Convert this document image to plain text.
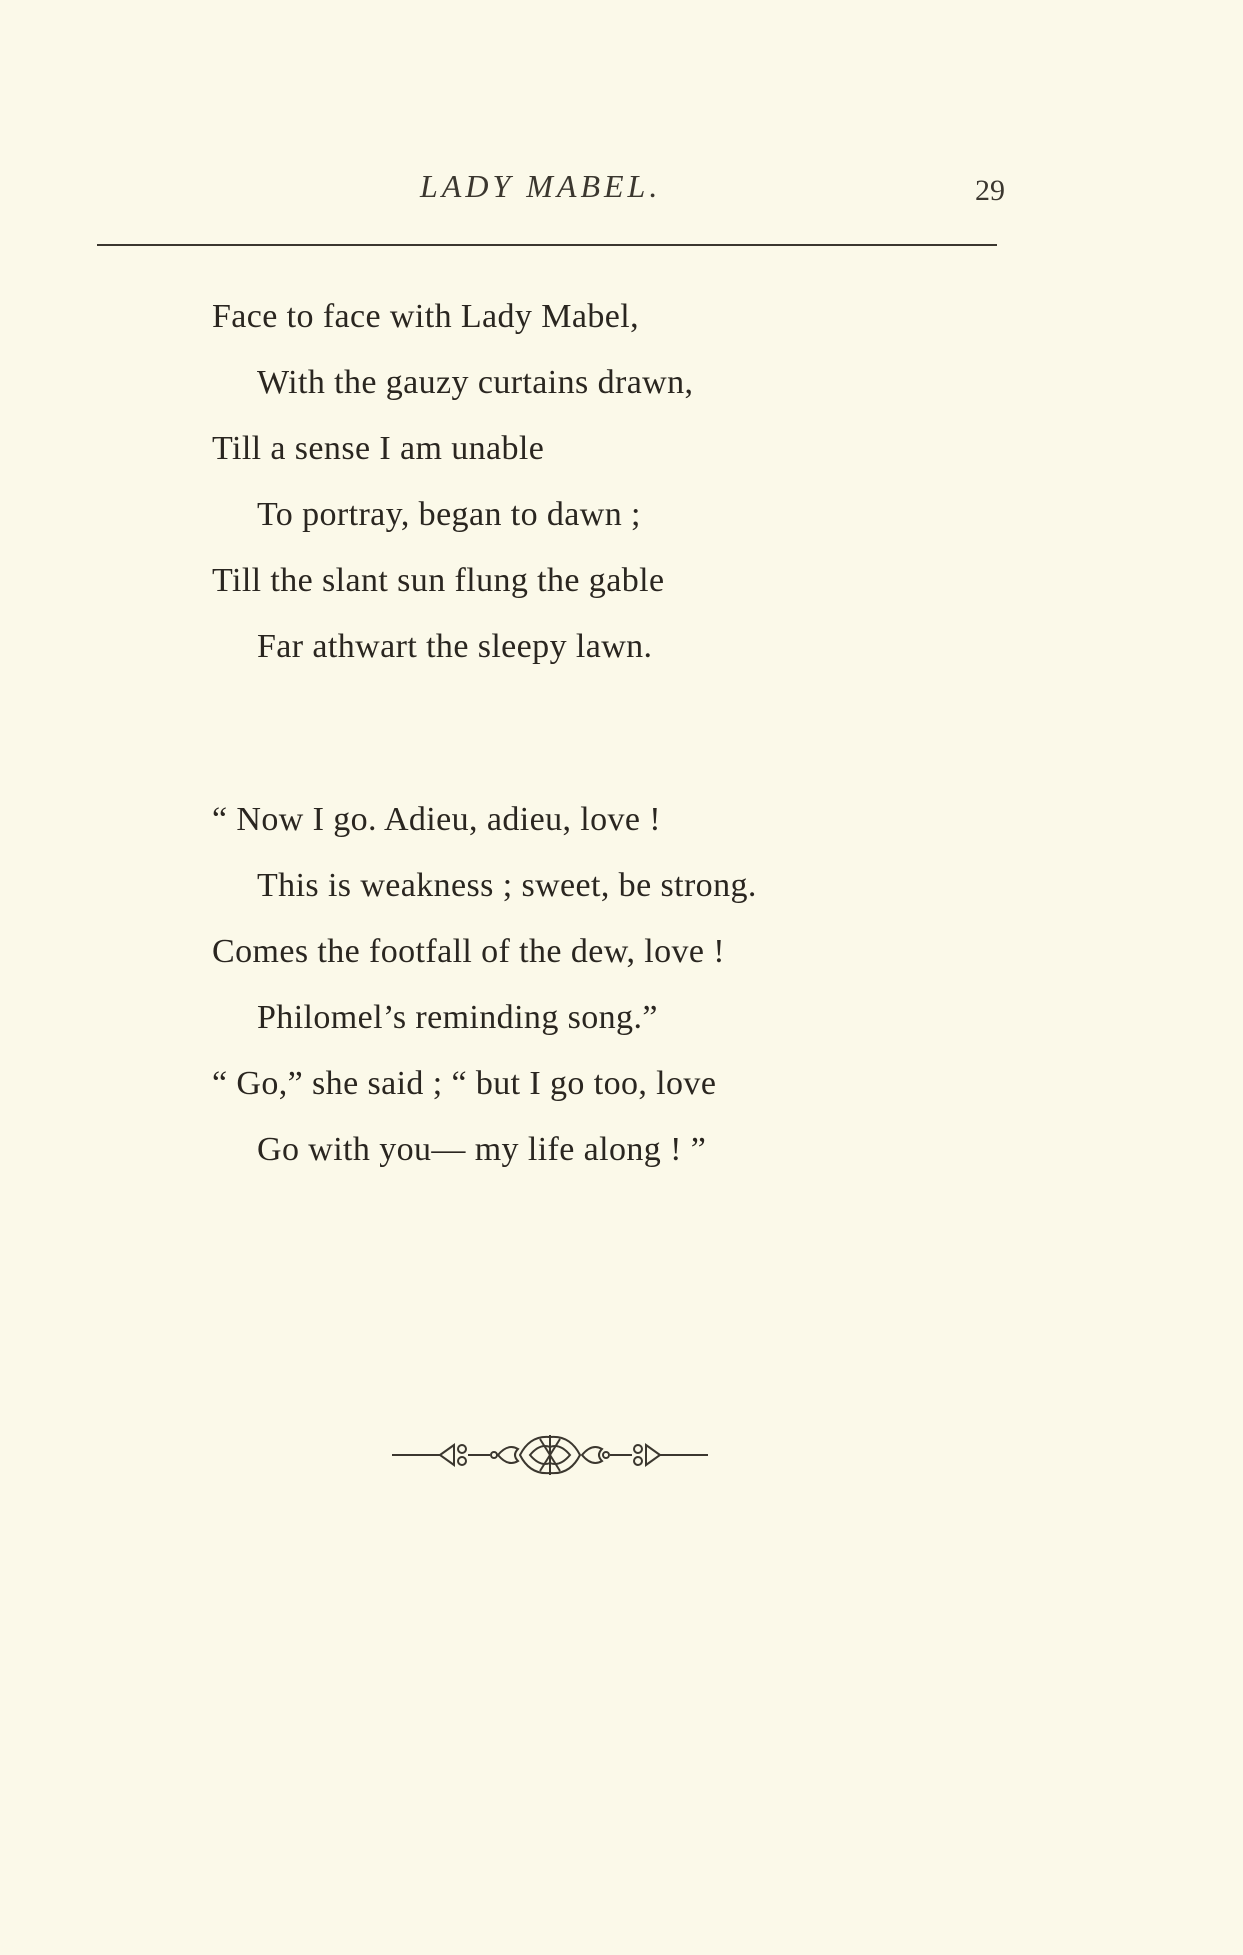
LADY MABEL.	29
Face to face with Lady Mabel,
With the gauzy curtains drawn,
Till a sense I am unable
To portray, began to dawn ;
Till the slant sun flung the gable
Far athwart the sleepy lawn.
“ Now I go. Adieu, adieu, love !
This is weakness ; sweet, be strong.
Comes the footfall of the dew, love !
Philomel’s reminding song.”
“ Go,” she said ; “ but I go too, love
Go with you— my life along ! ”
